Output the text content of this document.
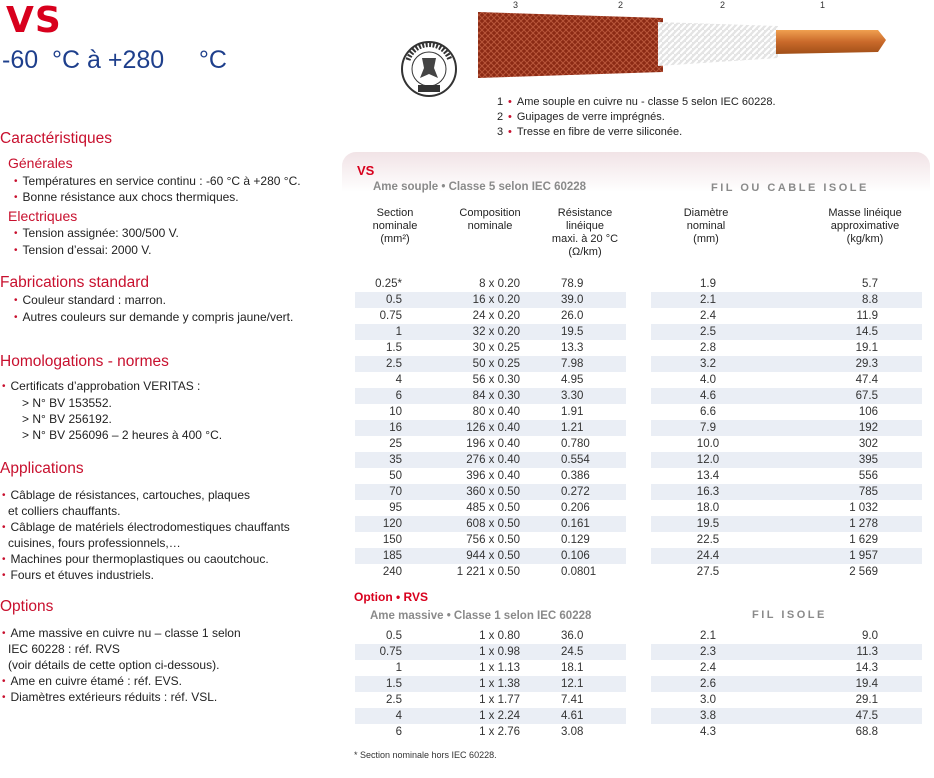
VS
-60  °C à +280     °C
3	2	2	1
1 • Ame souple en cuivre nu - classe 5 selon IEC 60228.
2 • Guipages de verre imprégnés.
3 • Tresse en fibre de verre siliconée.
Caractéristiques
Générales
• Températures en service continu : -60 °C à +280 °C.
• Bonne résistance aux chocs thermiques.
Electriques
• Tension assignée: 300/500 V.
• Tension d’essai: 2000 V.
Fabrications standard
• Couleur standard : marron.
• Autres couleurs sur demande y compris jaune/vert.
Homologations - normes
• Certificats d’approbation VERITAS :
> N° BV 153552.
> N° BV 256192.
> N° BV 256096 – 2 heures à 400 °C.
Applications
• Câblage de résistances, cartouches, plaques
et colliers chauffants.
• Câblage de matériels électrodomestiques chauffants
cuisines, fours professionnels,…
• Machines pour thermoplastiques ou caoutchouc.
• Fours et étuves industriels.
Options
• Ame massive en cuivre nu – classe 1 selon
IEC 60228 : réf. RVS
(voir détails de cette option ci-dessous).
• Ame en cuivre étamé : réf. EVS.
• Diamètres extérieurs réduits : réf. VSL.
VS
Ame souple • Classe 5 selon IEC 60228	FIL OU CABLE ISOLE
Section
nominale
(mm²)
Composition
nominale
Résistance
linéique
maxi. à 20 °C
(Ω/km)
Diamètre
nominal
(mm)
Masse linéique
approximative
(kg/km)
0.25*	8 x 0.20	78.9	1.9	5.7
0.5	16 x 0.20	39.0	2.1	8.8
0.75	24 x 0.20	26.0	2.4	11.9
1	32 x 0.20	19.5	2.5	14.5
1.5	30 x 0.25	13.3	2.8	19.1
2.5	50 x 0.25	7.98	3.2	29.3
4	56 x 0.30	4.95	4.0	47.4
6	84 x 0.30	3.30	4.6	67.5
10	80 x 0.40	1.91	6.6	106
16	126 x 0.40	1.21	7.9	192
25	196 x 0.40	0.780	10.0	302
35	276 x 0.40	0.554	12.0	395
50	396 x 0.40	0.386	13.4	556
70	360 x 0.50	0.272	16.3	785
95	485 x 0.50	0.206	18.0	1 032
120	608 x 0.50	0.161	19.5	1 278
150	756 x 0.50	0.129	22.5	1 629
185	944 x 0.50	0.106	24.4	1 957
240	1 221 x 0.50	0.0801	27.5	2 569
Option • RVS
Ame massive • Classe 1 selon IEC 60228	FIL ISOLE
0.5	1 x 0.80	36.0	2.1	9.0
0.75	1 x 0.98	24.5	2.3	11.3
1	1 x 1.13	18.1	2.4	14.3
1.5	1 x 1.38	12.1	2.6	19.4
2.5	1 x 1.77	7.41	3.0	29.1
4	1 x 2.24	4.61	3.8	47.5
6	1 x 2.76	3.08	4.3	68.8
* Section nominale hors IEC 60228.
